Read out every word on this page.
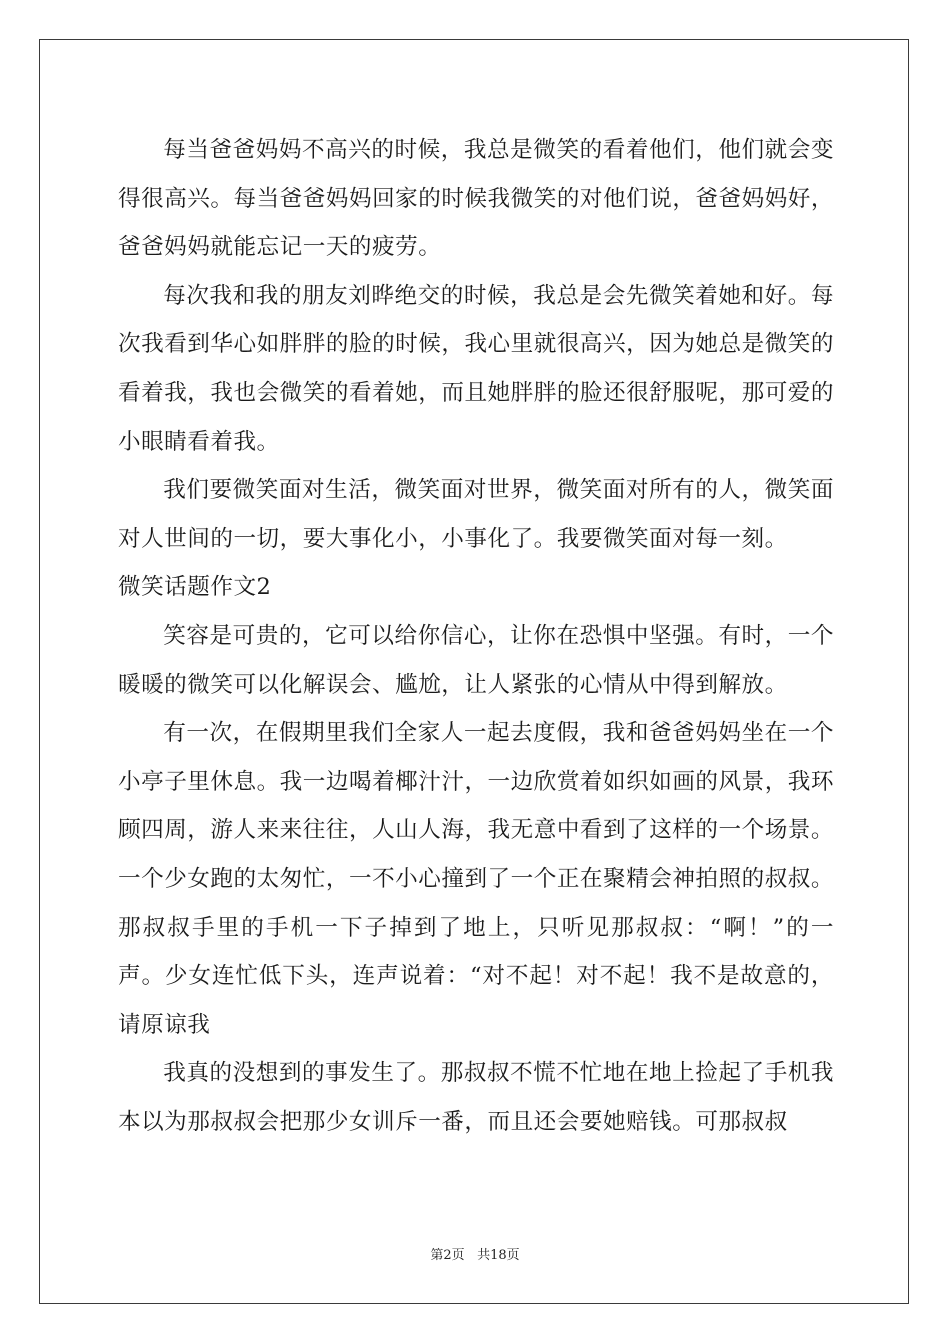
每当爸爸妈妈不高兴的时候，我总是微笑的看着他们，他们就会变得很高兴。每当爸爸妈妈回家的时候我微笑的对他们说，爸爸妈妈好，爸爸妈妈就能忘记一天的疲劳。

每次我和我的朋友刘晔绝交的时候，我总是会先微笑着她和好。每次我看到华心如胖胖的脸的时候，我心里就很高兴，因为她总是微笑的看着我，我也会微笑的看着她，而且她胖胖的脸还很舒服呢，那可爱的小眼睛看着我。

我们要微笑面对生活，微笑面对世界，微笑面对所有的人，微笑面对人世间的一切，要大事化小，小事化了。我要微笑面对每一刻。

微笑话题作文2

笑容是可贵的，它可以给你信心，让你在恐惧中坚强。有时，一个暖暖的微笑可以化解误会、尴尬，让人紧张的心情从中得到解放。

有一次，在假期里我们全家人一起去度假，我和爸爸妈妈坐在一个小亭子里休息。我一边喝着椰汁汁，一边欣赏着如织如画的风景，我环顾四周，游人来来往往，人山人海，我无意中看到了这样的一个场景。一个少女跑的太匆忙，一不小心撞到了一个正在聚精会神拍照的叔叔。那叔叔手里的手机一下子掉到了地上，只听见那叔叔：“啊！”的一声。少女连忙低下头，连声说着：“对不起！对不起！我不是故意的，请原谅我

我真的没想到的事发生了。那叔叔不慌不忙地在地上捡起了手机我本以为那叔叔会把那少女训斥一番，而且还会要她赔钱。可那叔叔

第2页 共18页
